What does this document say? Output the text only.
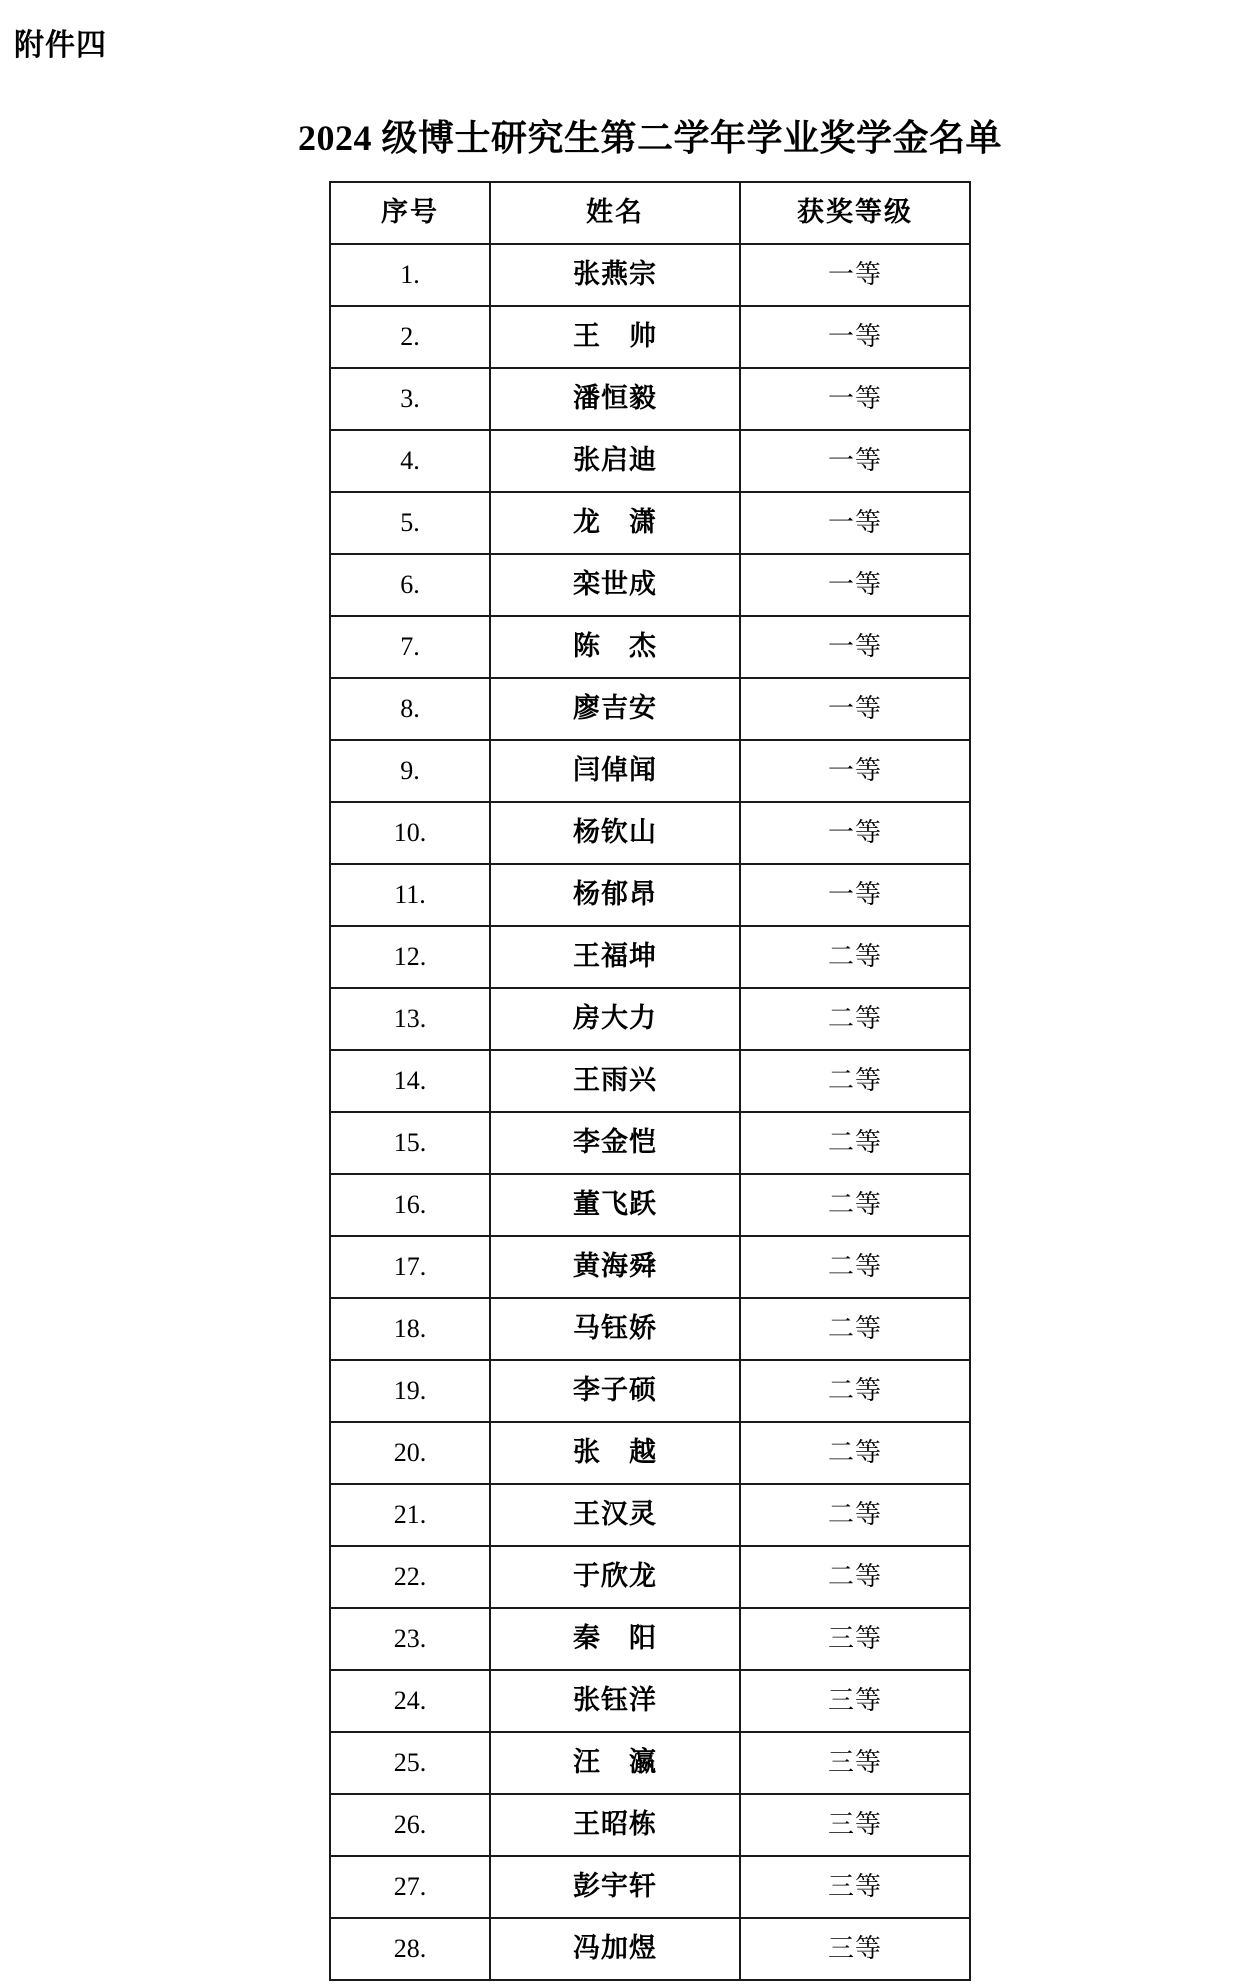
附件四
2024 级博士研究生第二学年学业奖学金名单
序号	姓名	获奖等级
1.	张燕宗	一等
2.	王　帅	一等
3.	潘恒毅	一等
4.	张启迪	一等
5.	龙　潇	一等
6.	栾世成	一等
7.	陈　杰	一等
8.	廖吉安	一等
9.	闫倬闻	一等
10.	杨钦山	一等
11.	杨郁昂	一等
12.	王福坤	二等
13.	房大力	二等
14.	王雨兴	二等
15.	李金恺	二等
16.	董飞跃	二等
17.	黄海舜	二等
18.	马钰娇	二等
19.	李子硕	二等
20.	张　越	二等
21.	王汉灵	二等
22.	于欣龙	二等
23.	秦　阳	三等
24.	张钰洋	三等
25.	汪　瀛	三等
26.	王昭栋	三等
27.	彭宇轩	三等
28.	冯加煜	三等
